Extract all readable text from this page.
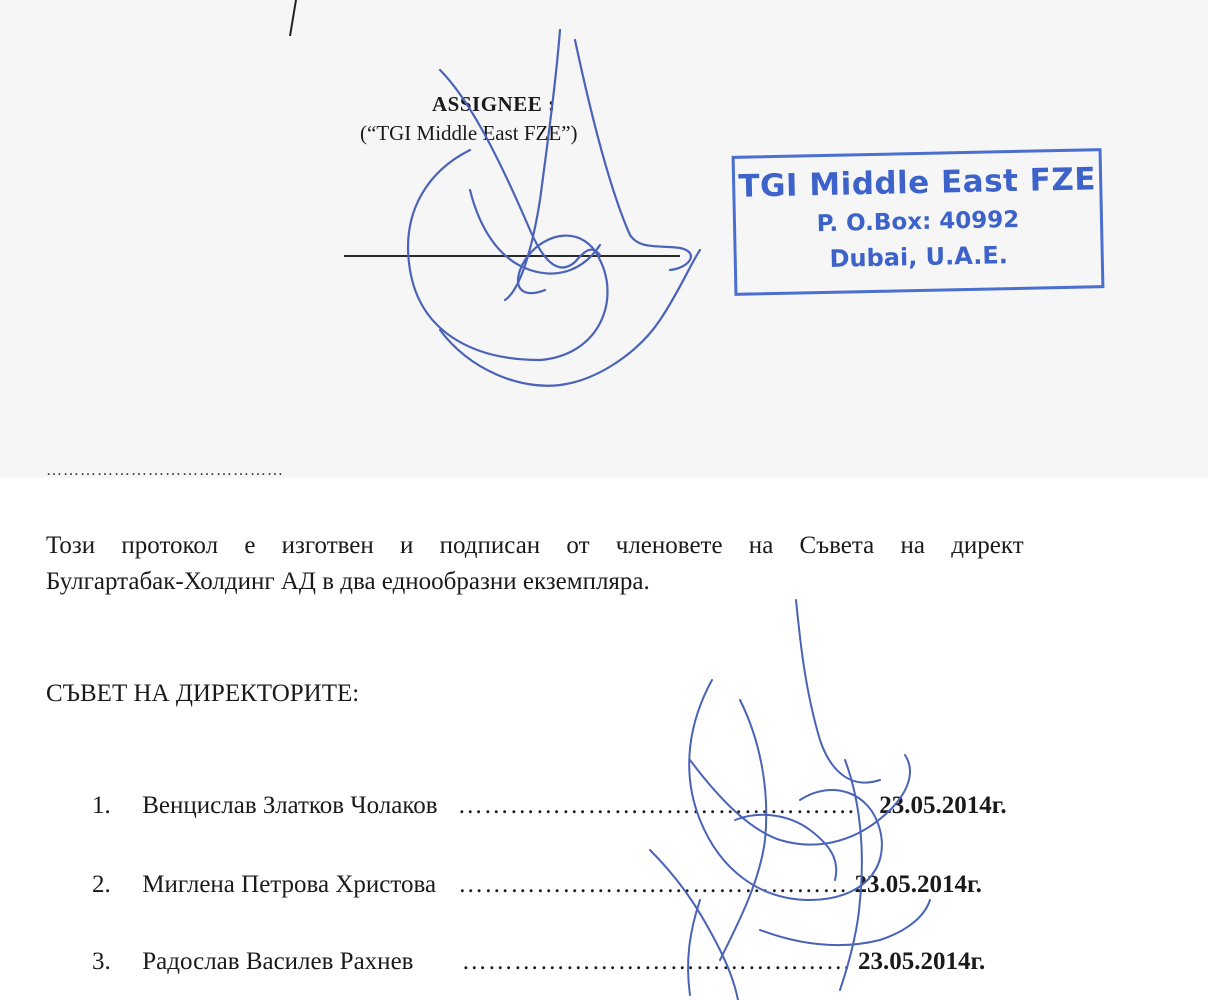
ASSIGNEE :
(“TGI Middle East FZE”)
TGI Middle East FZE
P. O.Box: 40992
Dubai, U.A.E.
……………………………………
Този протокол е изготвен и подписан от членовете на Съвета на директ
Булгартабак-Холдинг АД в два еднообразни екземпляра.
СЪВЕТ НА ДИРЕКТОРИТЕ:
1. Венцислав Златков Чолаков ………………………………………. 23.05.2014г.
2. Миглена Петрова Христова ……………………………………… 23.05.2014г.
3. Радослав Василев Рахнев ……………………………………… 23.05.2014г.
